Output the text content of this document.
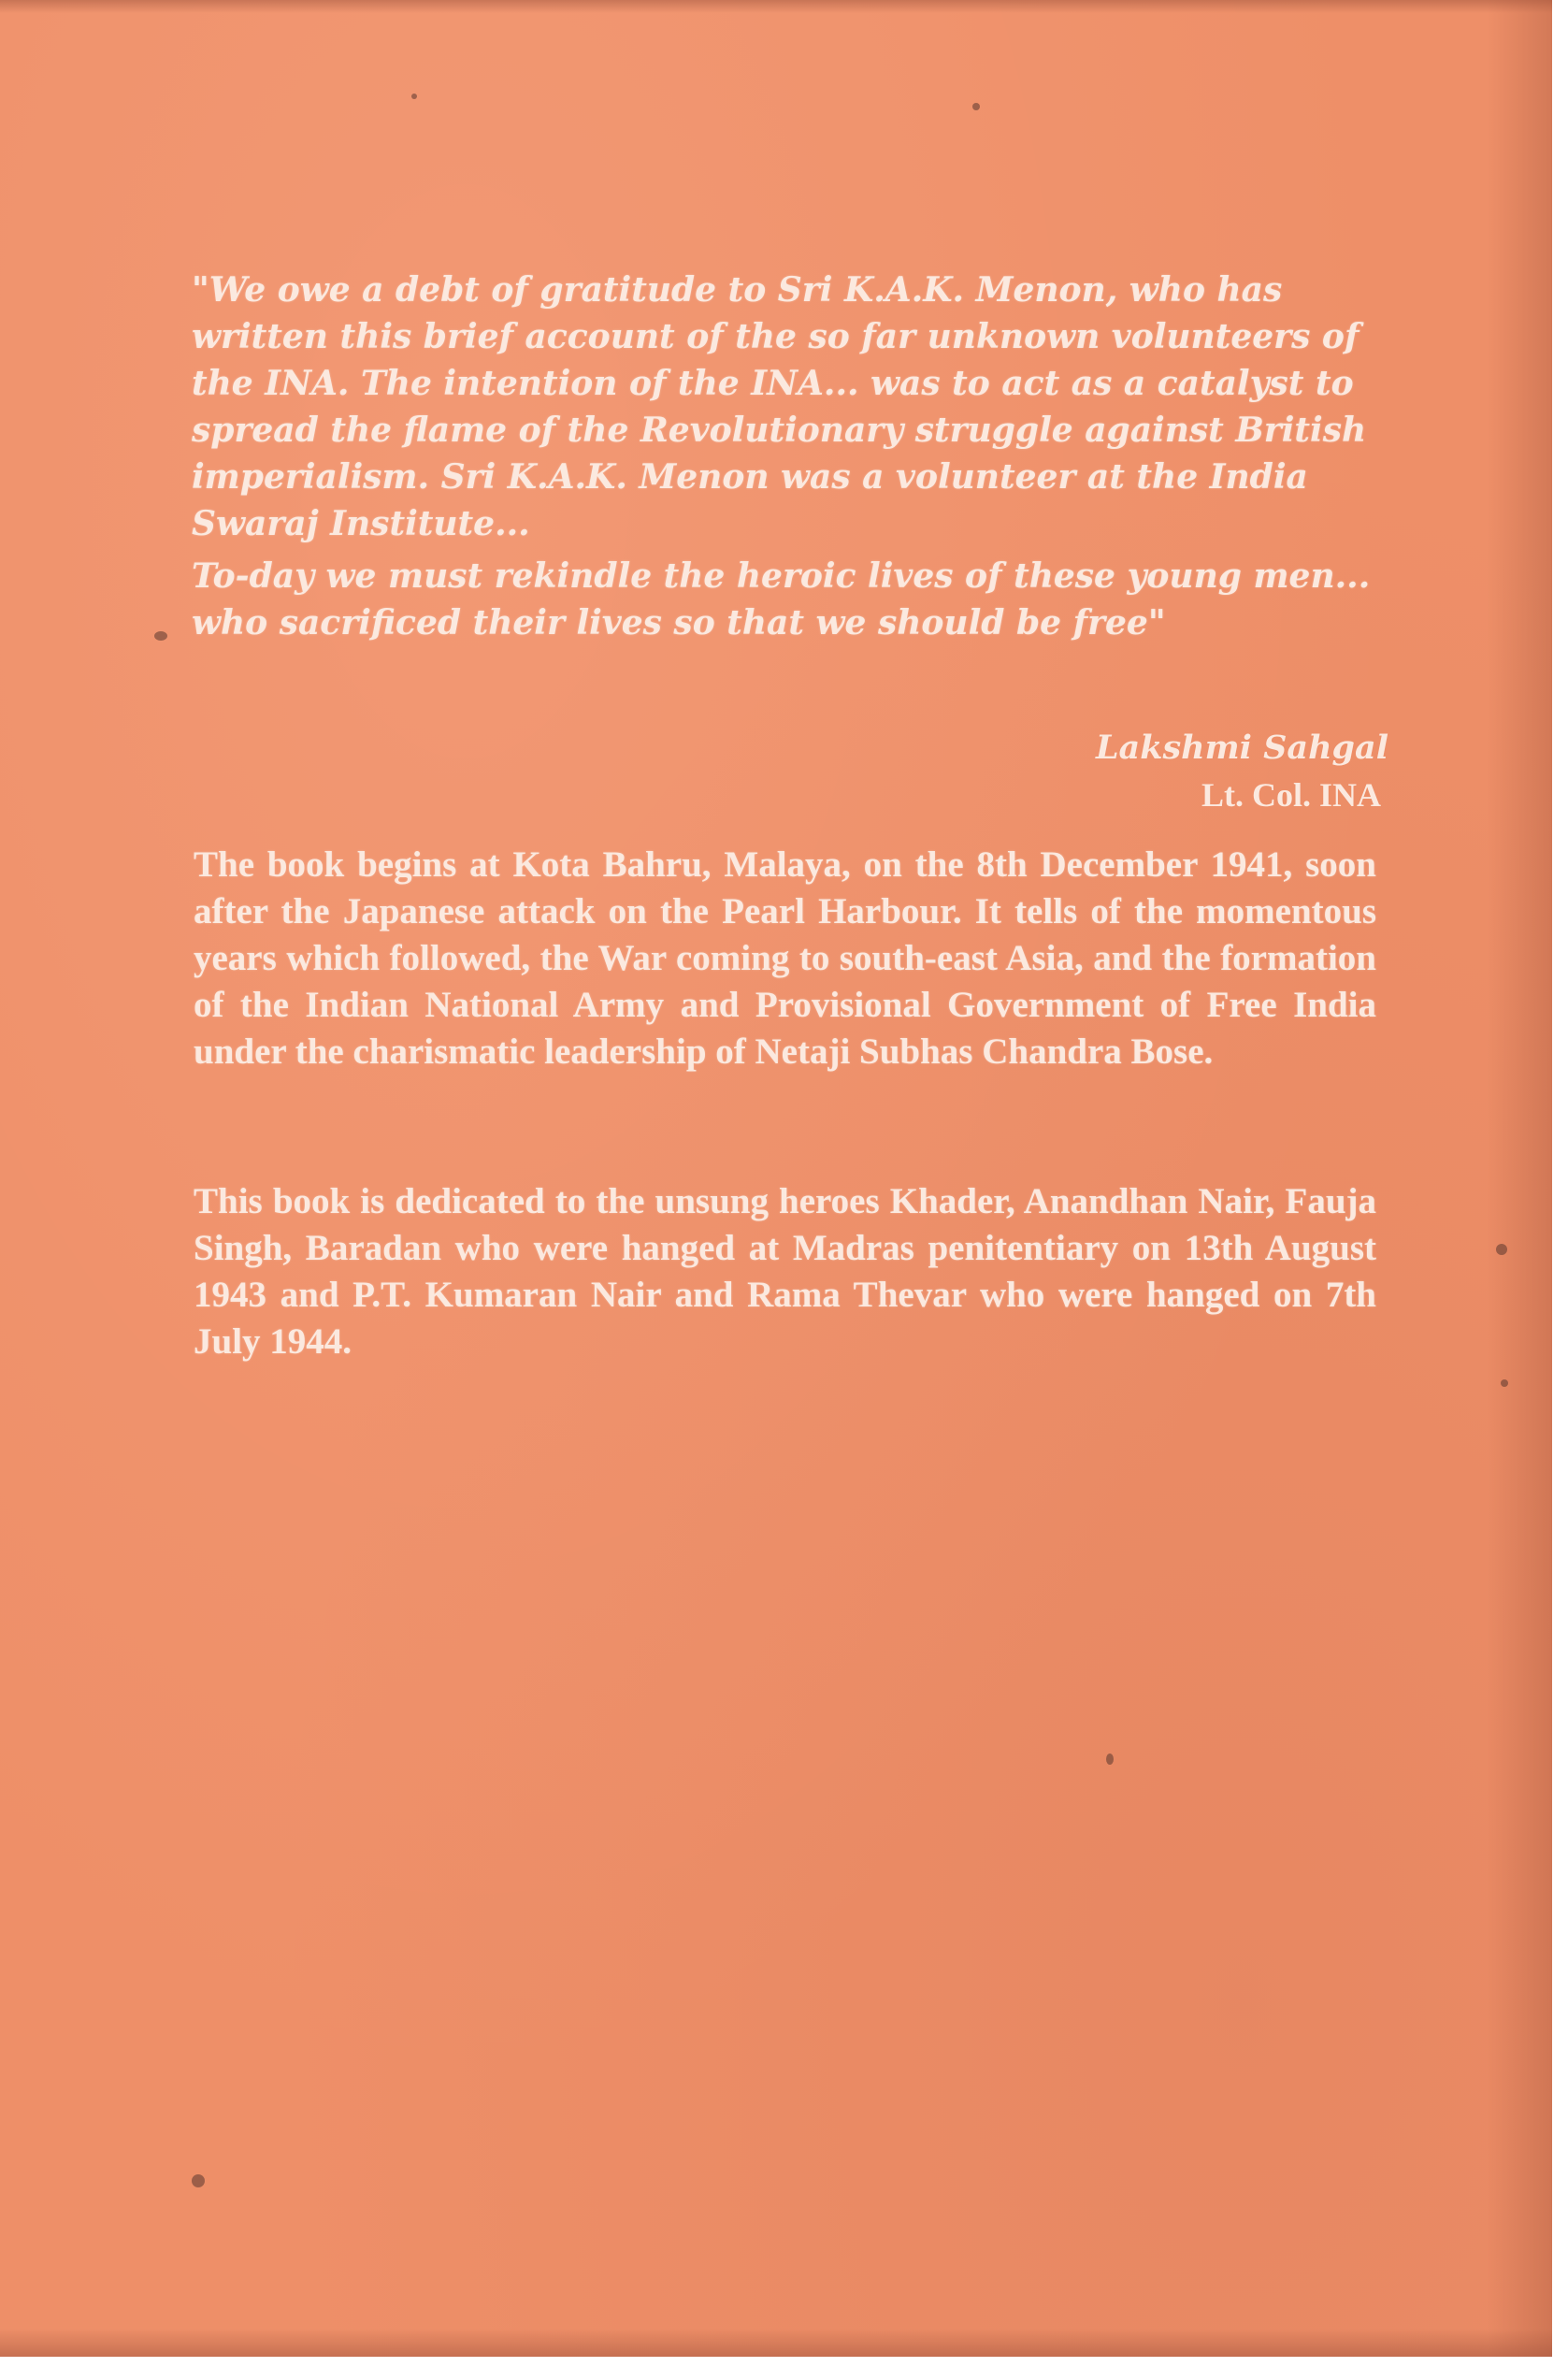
"We owe a debt of gratitude to Sri K.A.K. Menon, who has written this brief account of the so far unknown volunteers of the INA. The intention of the INA... was to act as a catalyst to spread the flame of the Revolutionary struggle against British imperialism. Sri K.A.K. Menon was a volunteer at the India Swaraj Institute...

To-day we must rekindle the heroic lives of these young men... who sacrificed their lives so that we should be free"

Lakshmi Sahgal
Lt. Col. INA
The book begins at Kota Bahru, Malaya, on the 8th December 1941, soon after the Japanese attack on the Pearl Harbour. It tells of the momentous years which followed, the War coming to south-east Asia, and the formation of the Indian National Army and Provisional Government of Free India under the charismatic leadership of Netaji Subhas Chandra Bose.
This book is dedicated to the unsung heroes Khader, Anandhan Nair, Fauja Singh, Baradan who were hanged at Madras penitentiary on 13th August 1943 and P.T. Kumaran Nair and Rama Thevar who were hanged on 7th July 1944.
